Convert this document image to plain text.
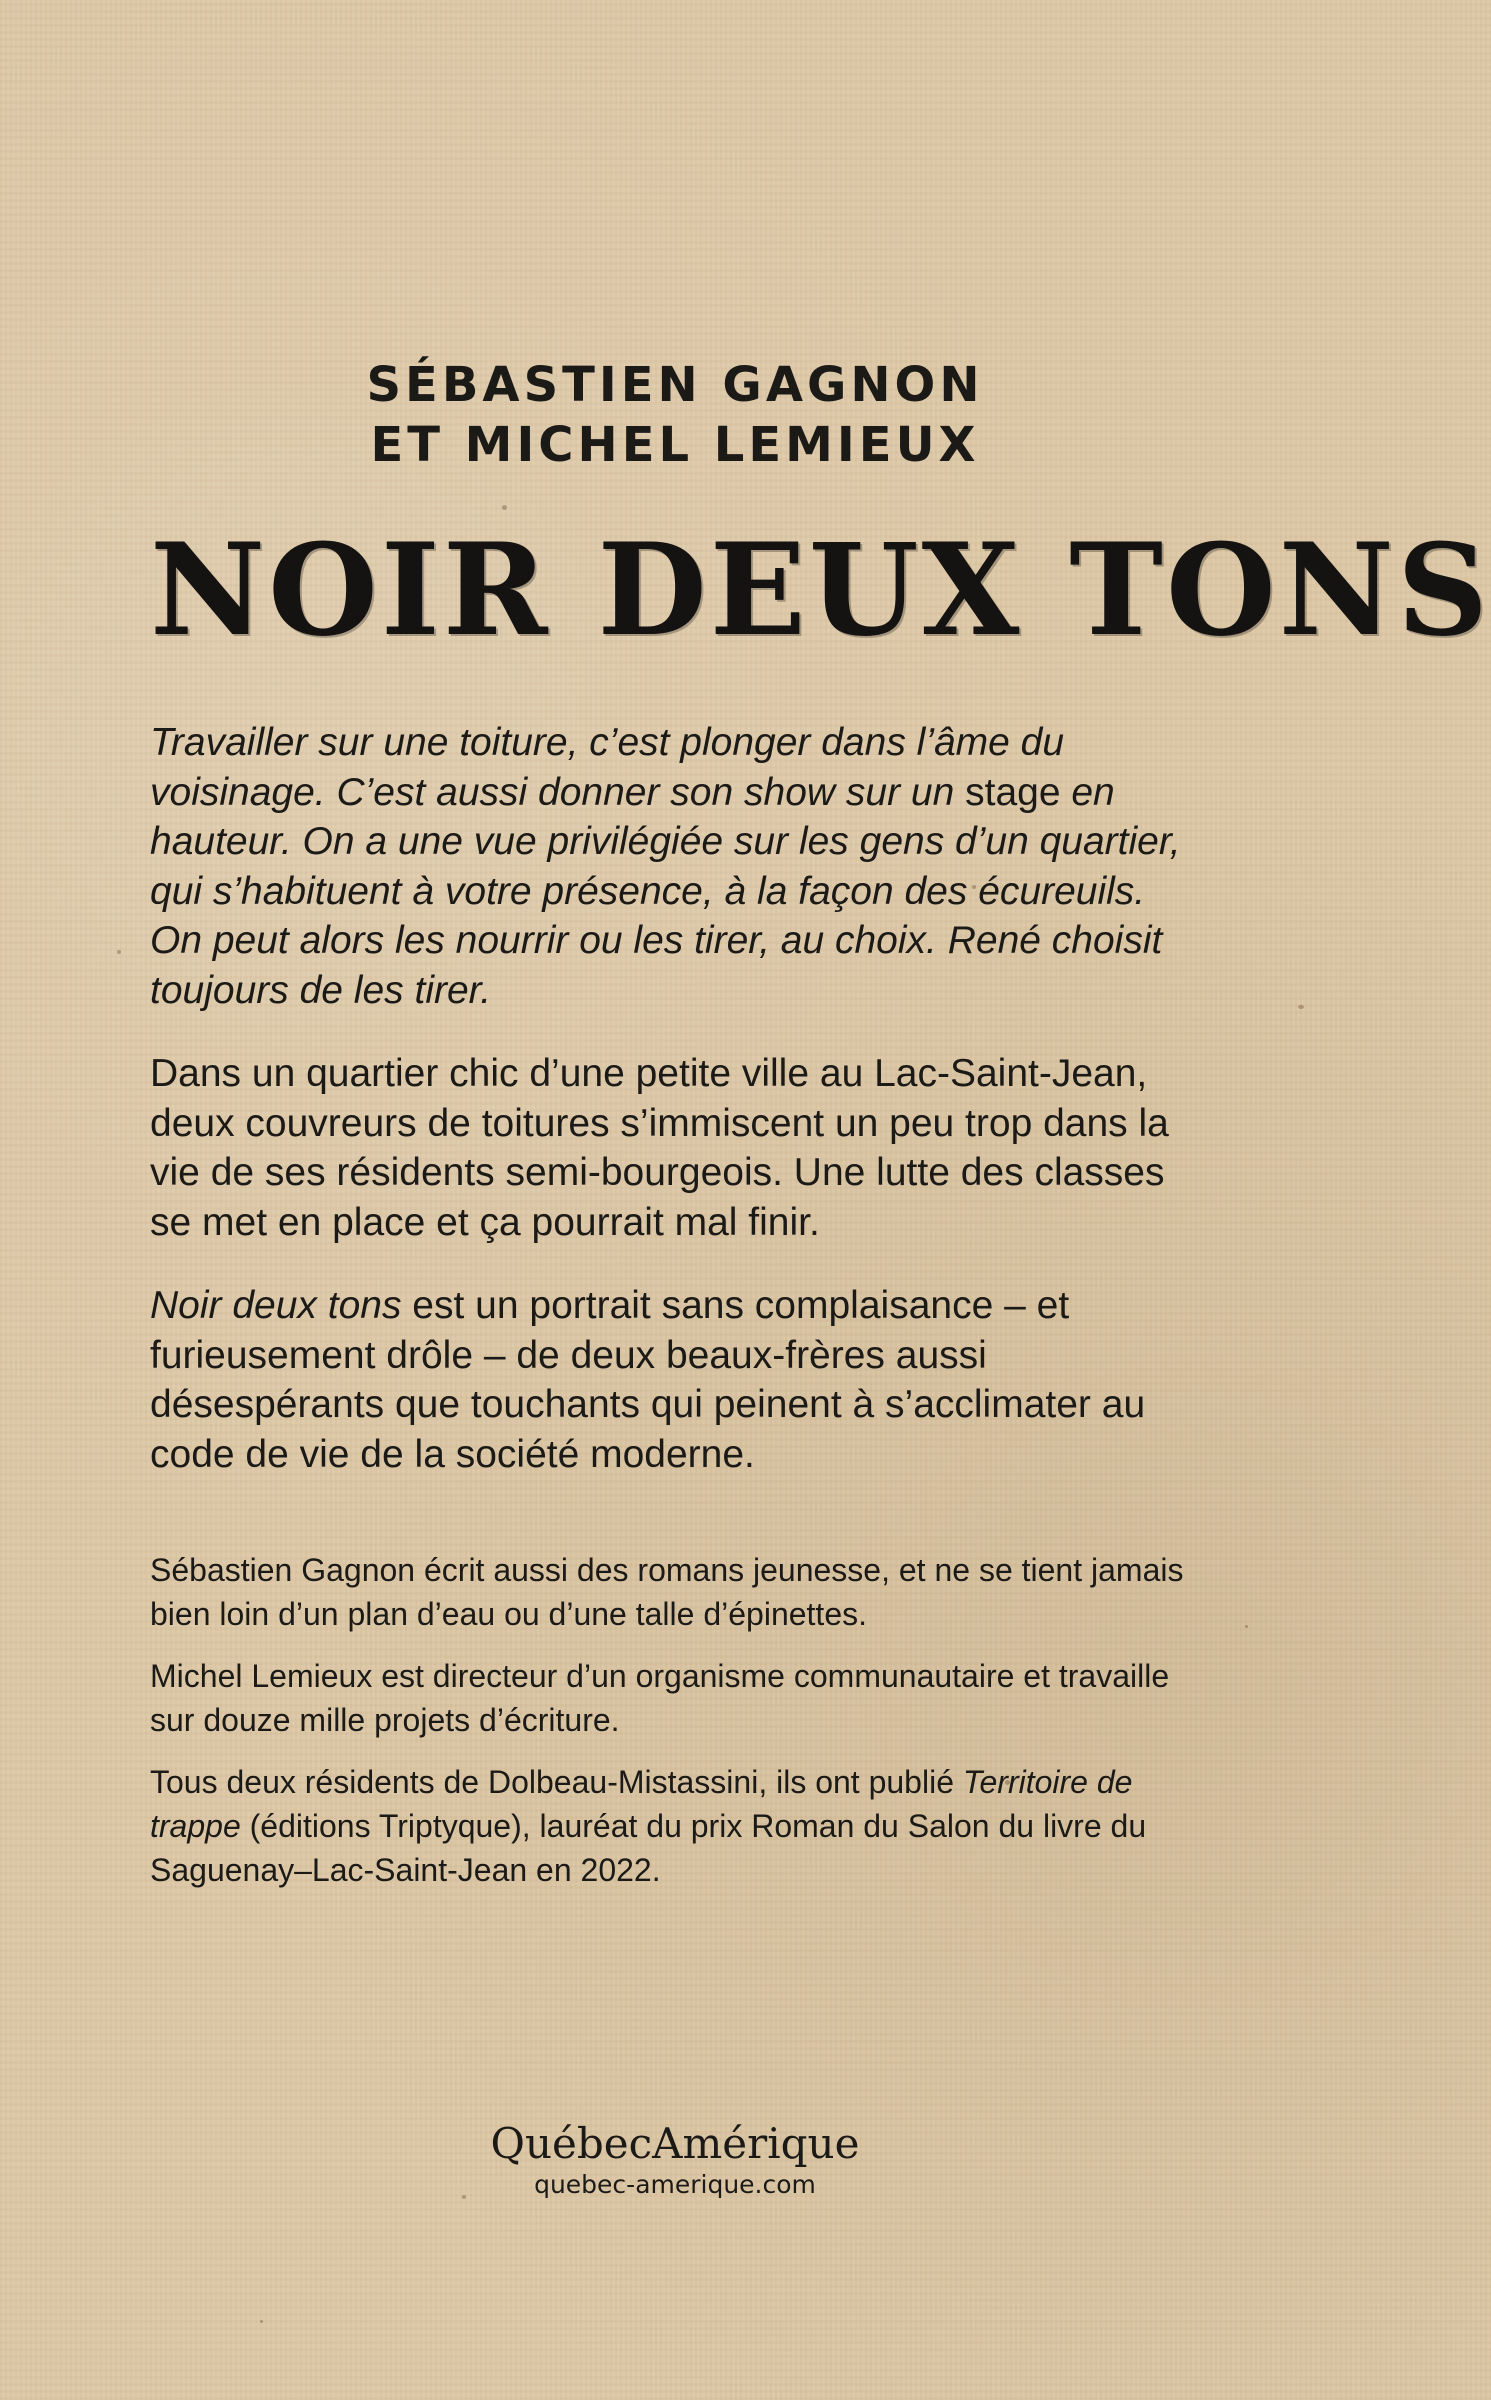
SÉBASTIEN GAGNON
ET MICHEL LEMIEUX
NOIR DEUX TONS

Travailler sur une toiture, c’est plonger dans l’âme du voisinage. C’est aussi donner son show sur un stage en hauteur. On a une vue privilégiée sur les gens d’un quartier, qui s’habituent à votre présence, à la façon des écureuils. On peut alors les nourrir ou les tirer, au choix. René choisit toujours de les tirer.

Dans un quartier chic d’une petite ville au Lac-Saint-Jean, deux couvreurs de toitures s’immiscent un peu trop dans la vie de ses résidents semi-bourgeois. Une lutte des classes se met en place et ça pourrait mal finir.

Noir deux tons est un portrait sans complaisance – et furieusement drôle – de deux beaux-frères aussi désespérants que touchants qui peinent à s’acclimater au code de vie de la société moderne.

Sébastien Gagnon écrit aussi des romans jeunesse, et ne se tient jamais bien loin d’un plan d’eau ou d’une talle d’épinettes.

Michel Lemieux est directeur d’un organisme communautaire et travaille sur douze mille projets d’écriture.

Tous deux résidents de Dolbeau-Mistassini, ils ont publié Territoire de trappe (éditions Triptyque), lauréat du prix Roman du Salon du livre du Saguenay–Lac-Saint-Jean en 2022.

QuébecAmérique
quebec-amerique.com
